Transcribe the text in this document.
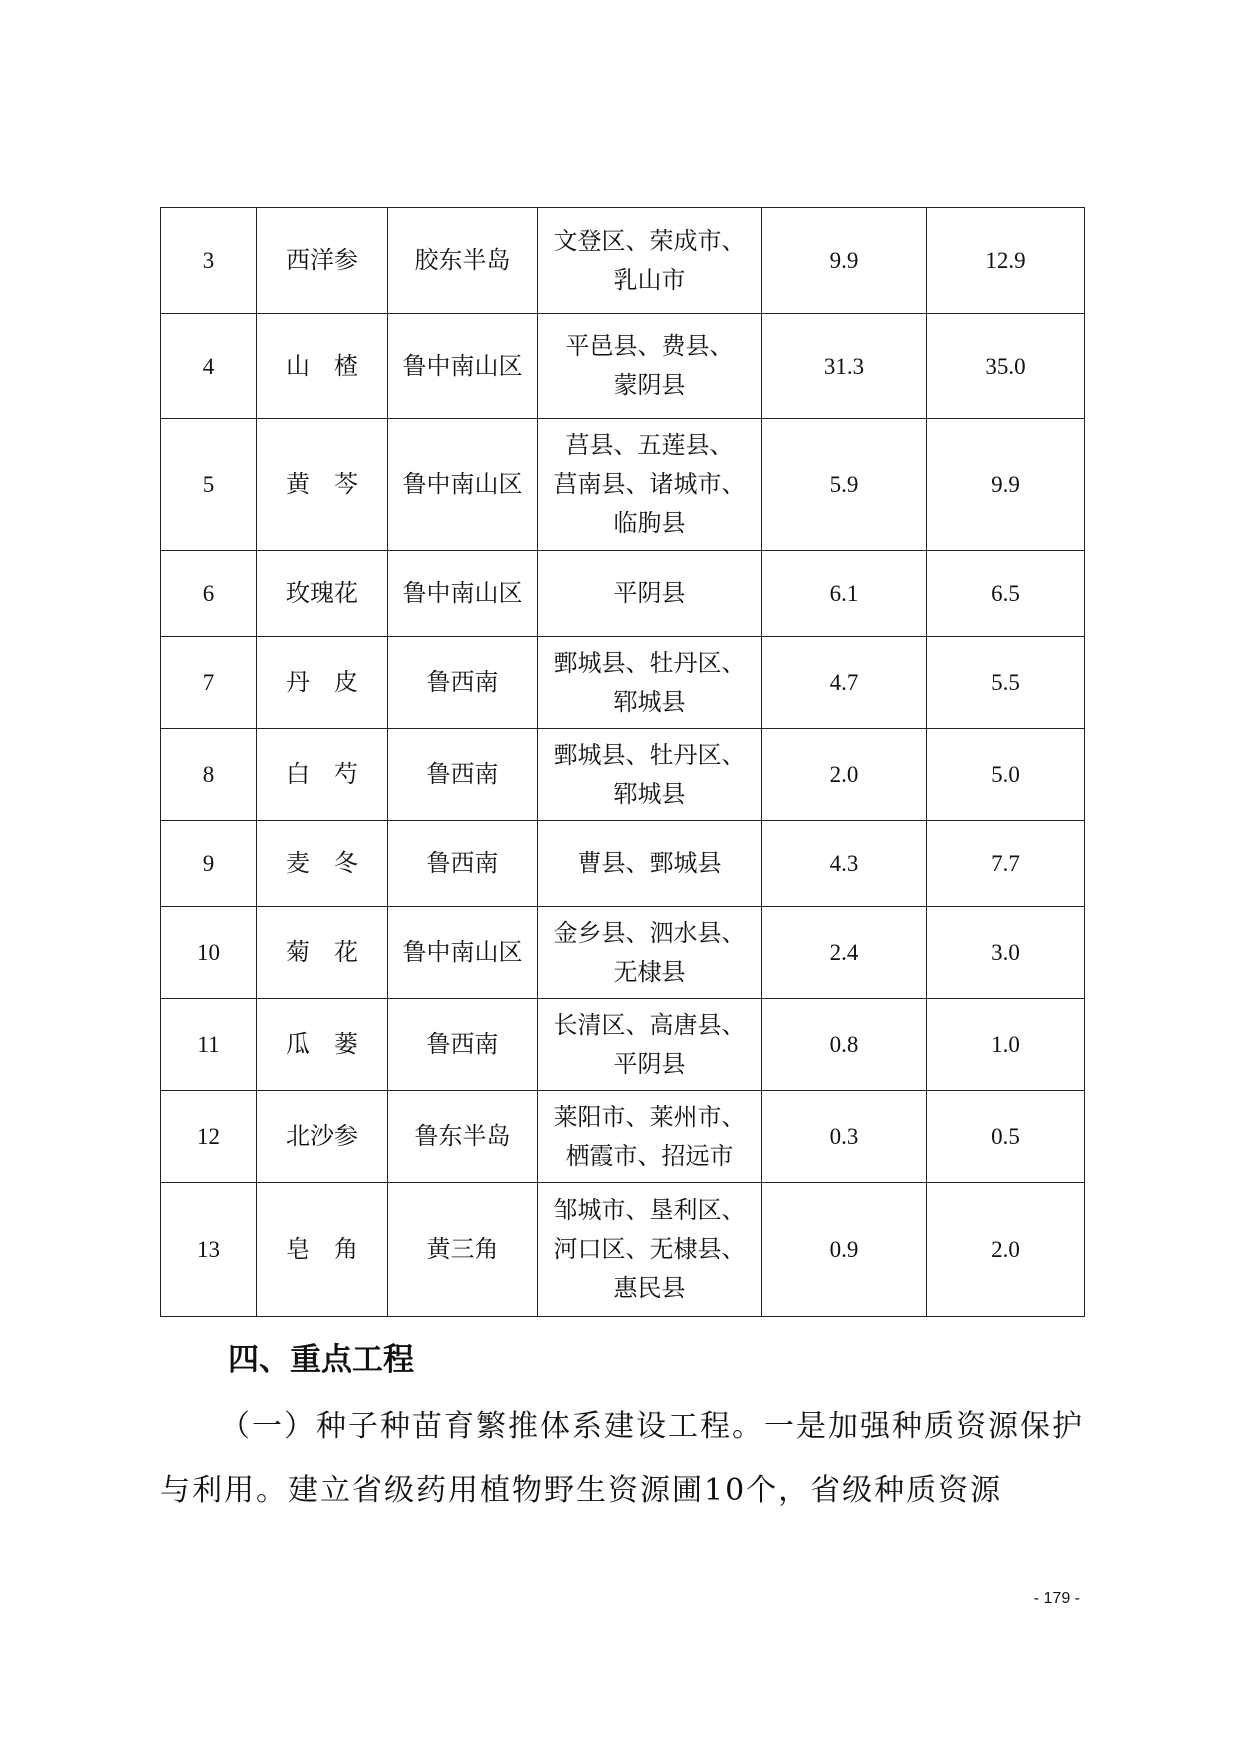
3	西洋参	胶东半岛	文登区、荣成市、
乳山市	9.9	12.9
4	山　楂	鲁中南山区	平邑县、费县、
蒙阴县	31.3	35.0
5	黄　芩	鲁中南山区	莒县、五莲县、
莒南县、诸城市、
临朐县	5.9	9.9
6	玫瑰花	鲁中南山区	平阴县	6.1	6.5
7	丹　皮	鲁西南	鄄城县、牡丹区、
郓城县	4.7	5.5
8	白　芍	鲁西南	鄄城县、牡丹区、
郓城县	2.0	5.0
9	麦　冬	鲁西南	曹县、鄄城县	4.3	7.7
10	菊　花	鲁中南山区	金乡县、泗水县、
无棣县	2.4	3.0
11	瓜　蒌	鲁西南	长清区、高唐县、
平阴县	0.8	1.0
12	北沙参	鲁东半岛	莱阳市、莱州市、
栖霞市、招远市	0.3	0.5
13	皂　角	黄三角	邹城市、垦利区、
河口区、无棣县、
惠民县	0.9	2.0
四、重点工程

（一）种子种苗育繁推体系建设工程。一是加强种质资源保护与利用。建立省级药用植物野生资源圃10个，省级种质资源

- 179 -
